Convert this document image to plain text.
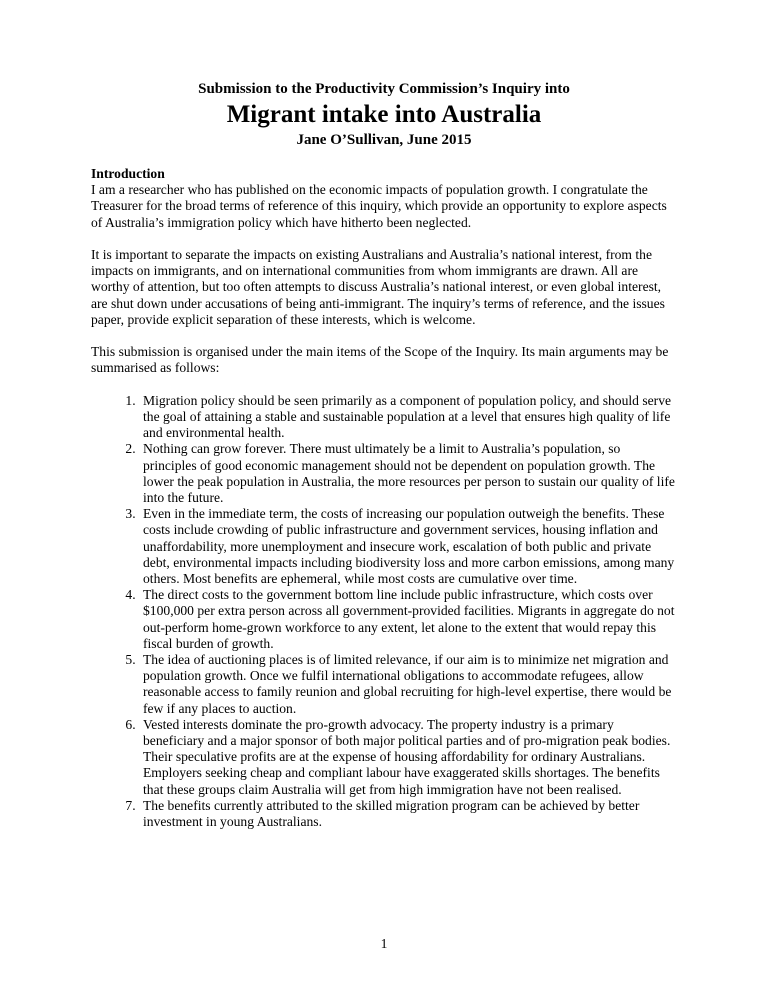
Submission to the Productivity Commission’s Inquiry into

Migrant intake into Australia

Jane O’Sullivan, June 2015

Introduction

I am a researcher who has published on the economic impacts of population growth. I congratulate the Treasurer for the broad terms of reference of this inquiry, which provide an opportunity to explore aspects of Australia’s immigration policy which have hitherto been neglected.

It is important to separate the impacts on existing Australians and Australia’s national interest, from the impacts on immigrants, and on international communities from whom immigrants are drawn. All are worthy of attention, but too often attempts to discuss Australia’s national interest, or even global interest, are shut down under accusations of being anti-immigrant. The inquiry’s terms of reference, and the issues paper, provide explicit separation of these interests, which is welcome.

This submission is organised under the main items of the Scope of the Inquiry. Its main arguments may be summarised as follows:

1. Migration policy should be seen primarily as a component of population policy, and should serve the goal of attaining a stable and sustainable population at a level that ensures high quality of life and environmental health.
2. Nothing can grow forever. There must ultimately be a limit to Australia’s population, so principles of good economic management should not be dependent on population growth. The lower the peak population in Australia, the more resources per person to sustain our quality of life into the future.
3. Even in the immediate term, the costs of increasing our population outweigh the benefits. These costs include crowding of public infrastructure and government services, housing inflation and unaffordability, more unemployment and insecure work, escalation of both public and private debt, environmental impacts including biodiversity loss and more carbon emissions, among many others. Most benefits are ephemeral, while most costs are cumulative over time.
4. The direct costs to the government bottom line include public infrastructure, which costs over $100,000 per extra person across all government-provided facilities. Migrants in aggregate do not out-perform home-grown workforce to any extent, let alone to the extent that would repay this fiscal burden of growth.
5. The idea of auctioning places is of limited relevance, if our aim is to minimize net migration and population growth. Once we fulfil international obligations to accommodate refugees, allow reasonable access to family reunion and global recruiting for high-level expertise, there would be few if any places to auction.
6. Vested interests dominate the pro-growth advocacy. The property industry is a primary beneficiary and a major sponsor of both major political parties and of pro-migration peak bodies. Their speculative profits are at the expense of housing affordability for ordinary Australians. Employers seeking cheap and compliant labour have exaggerated skills shortages. The benefits that these groups claim Australia will get from high immigration have not been realised.
7. The benefits currently attributed to the skilled migration program can be achieved by better investment in young Australians.
1
